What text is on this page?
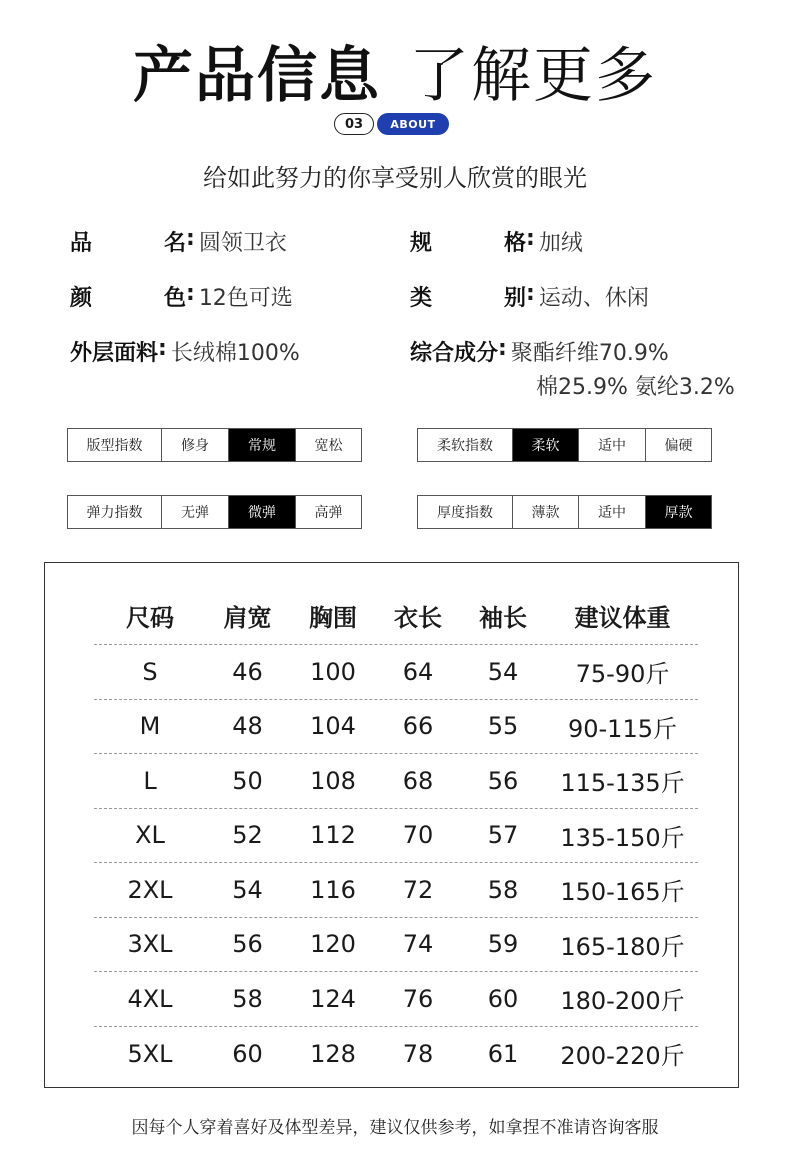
产品信息 了解更多
03	ABOUT
给如此努力的你享受别人欣赏的眼光
品	名 : 圆领卫衣	规	格 : 加绒
颜	色 : 12色可选	类	别 : 运动、休闲
外层面料 : 长绒棉100%	综合成分 : 聚酯纤维70.9%
棉25.9% 氨纶3.2%
版型指数	修身	常规	宽松	柔软指数	柔软	适中	偏硬
弹力指数	无弹	微弹	高弹	厚度指数	薄款	适中	厚款
尺码	肩宽	胸围	衣长	袖长	建议体重
S	46	100	64	54	75-90斤
M	48	104	66	55	90-115斤
L	50	108	68	56	115-135斤
XL	52	112	70	57	135-150斤
2XL	54	116	72	58	150-165斤
3XL	56	120	74	59	165-180斤
4XL	58	124	76	60	180-200斤
5XL	60	128	78	61	200-220斤
因每个人穿着喜好及体型差异，建议仅供参考，如拿捏不准请咨询客服
